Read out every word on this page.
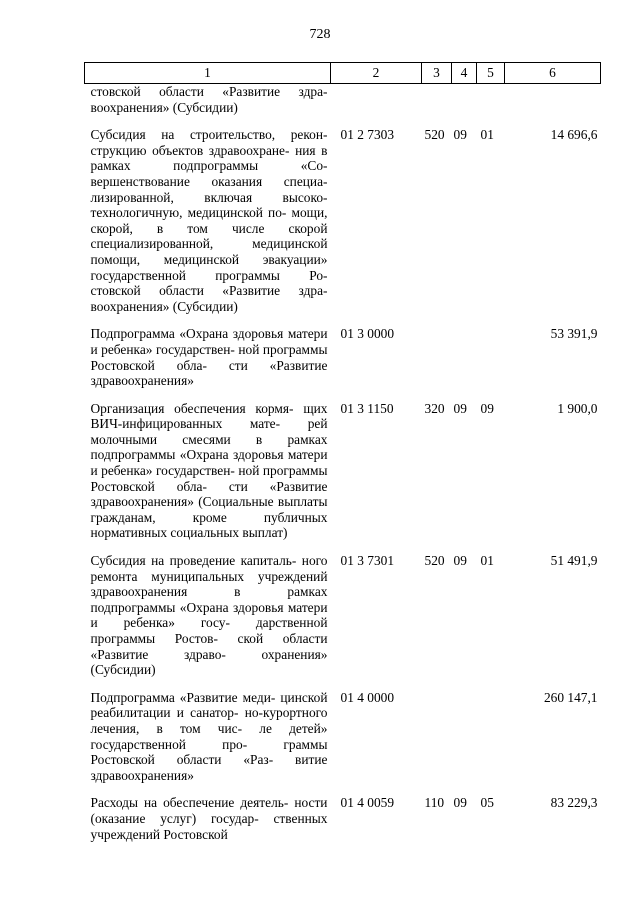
728
1	2	3	4	5	6
стовской области «Развитие здра- воохранения» (Субсидии)					
Субсидия на строительство, рекон- струкцию объектов здравоохране- ния в рамках подпрограммы «Со- вершенствование оказания специа- лизированной, включая высоко- технологичную, медицинской по- мощи, скорой, в том числе скорой специализированной, медицинской помощи, медицинской эвакуации» государственной программы Ро- стовской области «Развитие здра- воохранения» (Субсидии)	01 2 7303	520	09	01	14 696,6
Подпрограмма «Охрана здоровья матери и ребенка» государствен- ной программы Ростовской обла- сти «Развитие здравоохранения»	01 3 0000				53 391,9
Организация обеспечения кормя- щих ВИЧ-инфицированных мате- рей молочными смесями в рамках подпрограммы «Охрана здоровья матери и ребенка» государствен- ной программы Ростовской обла- сти «Развитие здравоохранения» (Социальные выплаты гражданам, кроме публичных нормативных социальных выплат)	01 3 1150	320	09	09	1 900,0
Субсидия на проведение капиталь- ного ремонта муниципальных учреждений здравоохранения в рамках подпрограммы «Охрана здоровья матери и ребенка» госу- дарственной программы Ростов- ской области «Развитие здраво- охранения» (Субсидии)	01 3 7301	520	09	01	51 491,9
Подпрограмма «Развитие меди- цинской реабилитации и санатор- но-курортного лечения, в том чис- ле детей» государственной про- граммы Ростовской области «Раз- витие здравоохранения»	01 4 0000				260 147,1
Расходы на обеспечение деятель- ности (оказание услуг) государ- ственных учреждений Ростовской	01 4 0059	110	09	05	83 229,3
